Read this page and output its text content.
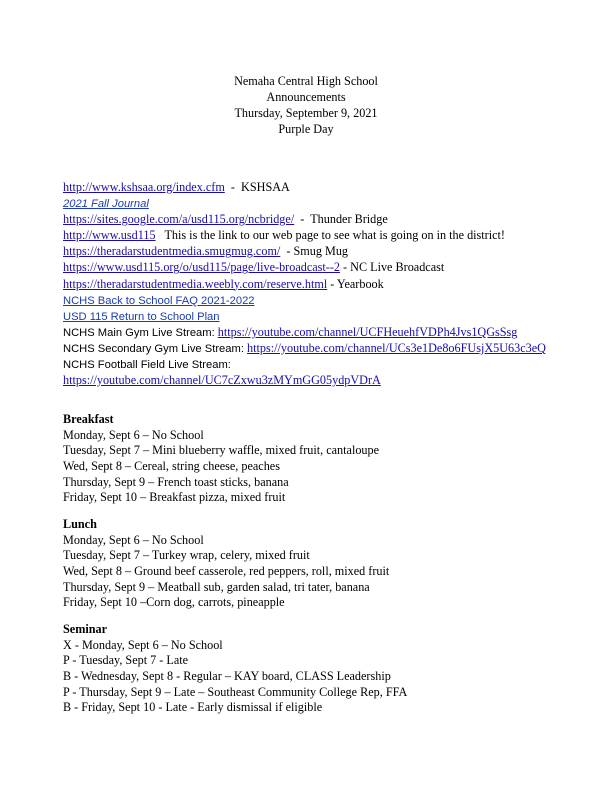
Nemaha Central High School
Announcements
Thursday, September 9, 2021
Purple Day
http://www.kshsaa.org/index.cfm  -  KSHSAA
2021 Fall Journal
https://sites.google.com/a/usd115.org/ncbridge/  -  Thunder Bridge
http://www.usd115   This is the link to our web page to see what is going on in the district!
https://theradarstudentmedia.smugmug.com/  - Smug Mug
https://www.usd115.org/o/usd115/page/live-broadcast--2 - NC Live Broadcast
https://theradarstudentmedia.weebly.com/reserve.html - Yearbook
NCHS Back to School FAQ 2021-2022
USD 115 Return to School Plan
NCHS Main Gym Live Stream: https://youtube.com/channel/UCFHeuehfVDPh4Jvs1QGsSsg
NCHS Secondary Gym Live Stream: https://youtube.com/channel/UCs3e1De8o6FUsjX5U63c3eQ
NCHS Football Field Live Stream:
https://youtube.com/channel/UC7cZxwu3zMYmGG05ydpVDrA
Breakfast
Monday, Sept 6 – No School
Tuesday, Sept 7 – Mini blueberry waffle, mixed fruit, cantaloupe
Wed, Sept 8 – Cereal, string cheese, peaches
Thursday, Sept 9 – French toast sticks, banana
Friday, Sept 10 – Breakfast pizza, mixed fruit
Lunch
Monday, Sept 6 – No School
Tuesday, Sept 7 – Turkey wrap, celery, mixed fruit
Wed, Sept 8 – Ground beef casserole, red peppers, roll, mixed fruit
Thursday, Sept 9 – Meatball sub, garden salad, tri tater, banana
Friday, Sept 10 –Corn dog, carrots, pineapple
Seminar
X - Monday, Sept 6 – No School
P - Tuesday, Sept 7 - Late
B - Wednesday, Sept 8 - Regular – KAY board, CLASS Leadership
P - Thursday, Sept 9 – Late – Southeast Community College Rep, FFA
B - Friday, Sept 10 - Late - Early dismissal if eligible
